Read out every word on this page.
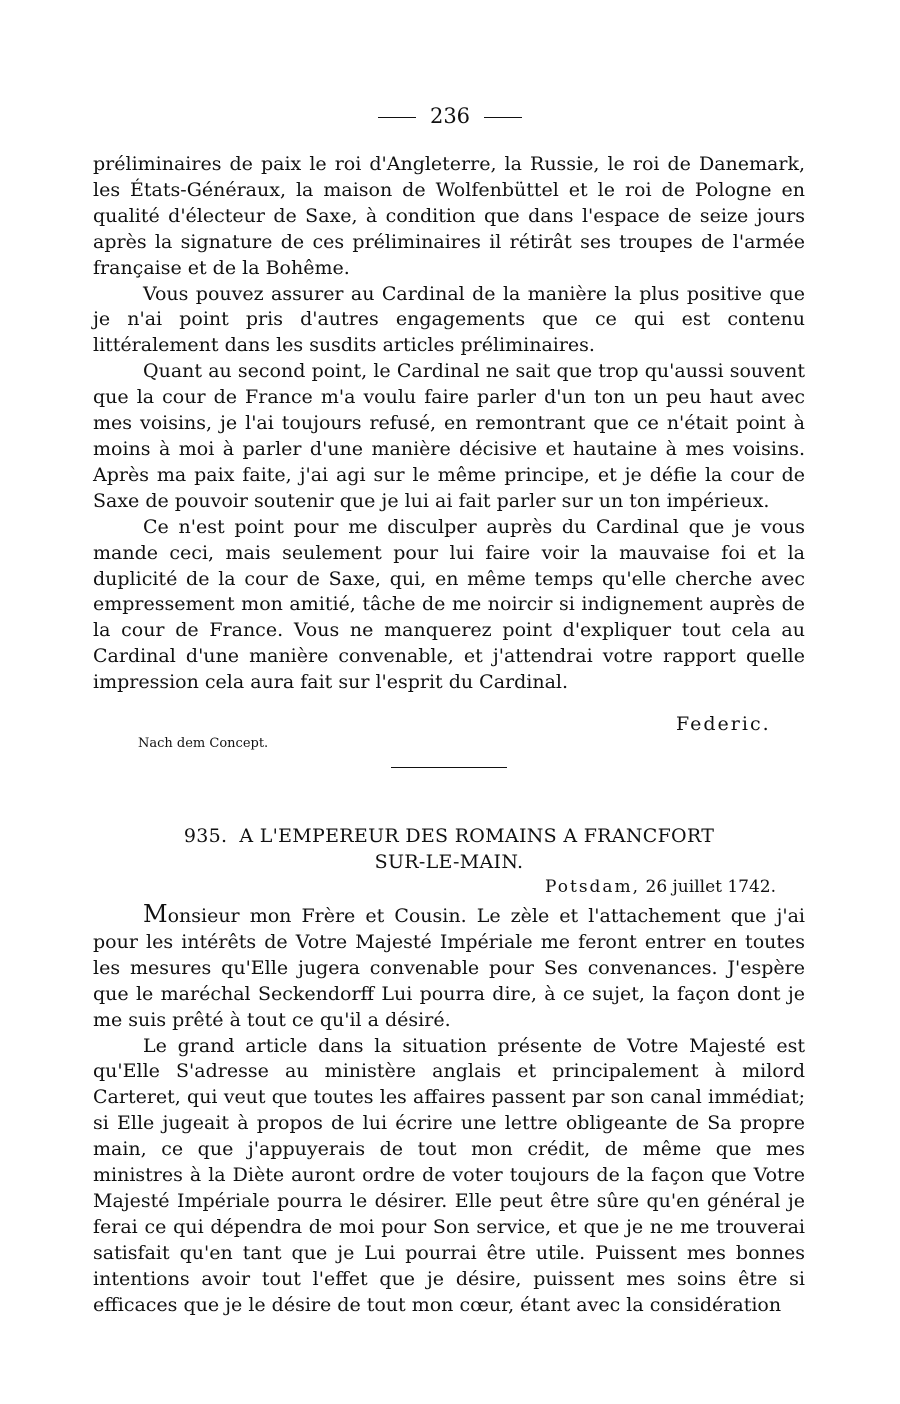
236

préliminaires de paix le roi d'Angleterre, la Russie, le roi de Danemark, les États-Généraux, la maison de Wolfenbüttel et le roi de Pologne en qualité d'électeur de Saxe, à condition que dans l'espace de seize jours après la signature de ces préliminaires il rétirât ses troupes de l'armée française et de la Bohême.

Vous pouvez assurer au Cardinal de la manière la plus positive que je n'ai point pris d'autres engagements que ce qui est contenu littéralement dans les susdits articles préliminaires.

Quant au second point, le Cardinal ne sait que trop qu'aussi souvent que la cour de France m'a voulu faire parler d'un ton un peu haut avec mes voisins, je l'ai toujours refusé, en remontrant que ce n'était point à moins à moi à parler d'une manière décisive et hautaine à mes voisins. Après ma paix faite, j'ai agi sur le même principe, et je défie la cour de Saxe de pouvoir soutenir que je lui ai fait parler sur un ton impérieux.

Ce n'est point pour me disculper auprès du Cardinal que je vous mande ceci, mais seulement pour lui faire voir la mauvaise foi et la duplicité de la cour de Saxe, qui, en même temps qu'elle cherche avec empressement mon amitié, tâche de me noircir si indignement auprès de la cour de France. Vous ne manquerez point d'expliquer tout cela au Cardinal d'une manière convenable, et j'attendrai votre rapport quelle impression cela aura fait sur l'esprit du Cardinal.

Federic.
Nach dem Concept.
935. A L'EMPEREUR DES ROMAINS A FRANCFORT
SUR-LE-MAIN.
Potsdam, 26 juillet 1742.

Monsieur mon Frère et Cousin. Le zèle et l'attachement que j'ai pour les intérêts de Votre Majesté Impériale me feront entrer en toutes les mesures qu'Elle jugera convenable pour Ses convenances. J'espère que le maréchal Seckendorff Lui pourra dire, à ce sujet, la façon dont je me suis prêté à tout ce qu'il a désiré.

Le grand article dans la situation présente de Votre Majesté est qu'Elle S'adresse au ministère anglais et principalement à milord Carteret, qui veut que toutes les affaires passent par son canal immédiat; si Elle jugeait à propos de lui écrire une lettre obligeante de Sa propre main, ce que j'appuyerais de tout mon crédit, de même que mes ministres à la Diète auront ordre de voter toujours de la façon que Votre Majesté Impériale pourra le désirer. Elle peut être sûre qu'en général je ferai ce qui dépendra de moi pour Son service, et que je ne me trouverai satisfait qu'en tant que je Lui pourrai être utile. Puissent mes bonnes intentions avoir tout l'effet que je désire, puissent mes soins être si efficaces que je le désire de tout mon cœur, étant avec la considération
